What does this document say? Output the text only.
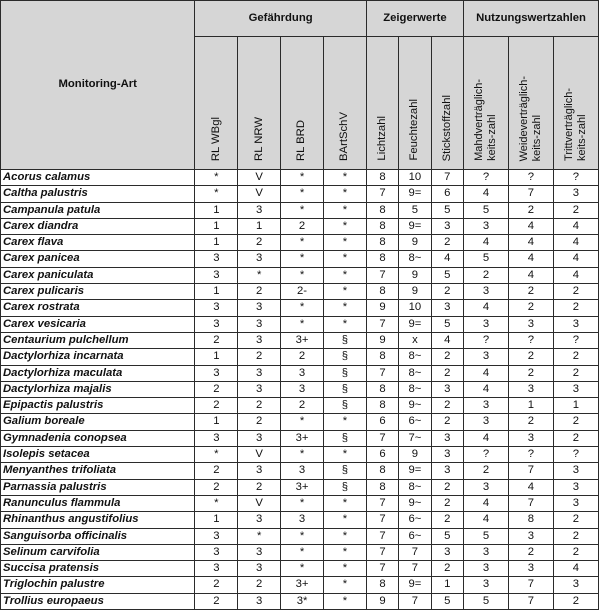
Monitoring-Art	Gefährdung				Zeigerwerte			Nutzungswertzahlen		

	RL WBgl	RL NRW	RL BRD	BArtSchV	Lichtzahl	Feuchtezahl	Stickstoffzahl	Mahdverträglich-
keits-zahl	Weideverträglich-
keits-zahl	Trittverträglich-
keits-zahl

Acorus calamus	*	V	*	*	8	10	7	?	?	?
Caltha palustris	*	V	*	*	7	9=	6	4	7	3
Campanula patula	1	3	*	*	8	5	5	5	2	2
Carex diandra	1	1	2	*	8	9=	3	3	4	4
Carex flava	1	2	*	*	8	9	2	4	4	4
Carex panicea	3	3	*	*	8	8~	4	5	4	4
Carex paniculata	3	*	*	*	7	9	5	2	4	4
Carex pulicaris	1	2	2-	*	8	9	2	3	2	2
Carex rostrata	3	3	*	*	9	10	3	4	2	2
Carex vesicaria	3	3	*	*	7	9=	5	3	3	3
Centaurium pulchellum	2	3	3+	§	9	x	4	?	?	?
Dactylorhiza incarnata	1	2	2	§	8	8~	2	3	2	2
Dactylorhiza maculata	3	3	3	§	7	8~	2	4	2	2
Dactylorhiza majalis	2	3	3	§	8	8~	3	4	3	3
Epipactis palustris	2	2	2	§	8	9~	2	3	1	1
Galium boreale	1	2	*	*	6	6~	2	3	2	2
Gymnadenia conopsea	3	3	3+	§	7	7~	3	4	3	2
Isolepis setacea	*	V	*	*	6	9	3	?	?	?
Menyanthes trifoliata	2	3	3	§	8	9=	3	2	7	3
Parnassia palustris	2	2	3+	§	8	8~	2	3	4	3
Ranunculus flammula	*	V	*	*	7	9~	2	4	7	3
Rhinanthus angustifolius	1	3	3	*	7	6~	2	4	8	2
Sanguisorba officinalis	3	*	*	*	7	6~	5	5	3	2
Selinum carvifolia	3	3	*	*	7	7	3	3	2	2
Succisa pratensis	3	3	*	*	7	7	2	3	3	4
Triglochin palustre	2	2	3+	*	8	9=	1	3	7	3
Trollius europaeus	2	3	3*	*	9	7	5	5	7	2
